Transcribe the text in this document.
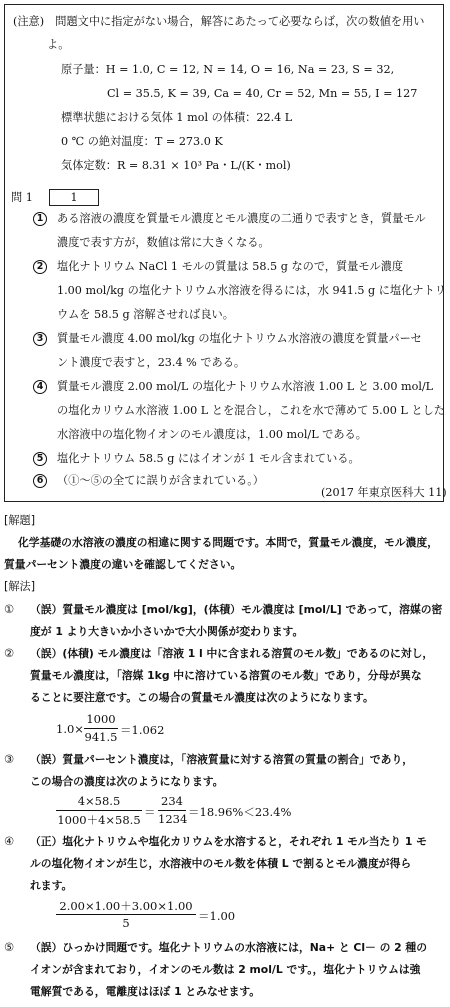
(注意)　問題文中に指定がない場合，解答にあたって必要ならば，次の数値を用い
よ。
原子量：H = 1.0, C = 12, N = 14, O = 16, Na = 23, S = 32,
Cl = 35.5, K = 39, Ca = 40, Cr = 52, Mn = 55, I = 127
標準状態における気体 1 mol の体積：22.4 L
0 ℃ の絶対温度：T = 273.0 K
気体定数：R = 8.31 × 10³ Pa・L/(K・mol)
問 1	1
1	ある溶液の濃度を質量モル濃度とモル濃度の二通りで表すとき，質量モル
濃度で表す方が，数値は常に大きくなる。
2	塩化ナトリウム NaCl 1 モルの質量は 58.5 g なので，質量モル濃度
1.00 mol/kg の塩化ナトリウム水溶液を得るには，水 941.5 g に塩化ナトリ
ウムを 58.5 g 溶解させれば良い。
3	質量モル濃度 4.00 mol/kg の塩化ナトリウム水溶液の濃度を質量パーセ
ント濃度で表すと，23.4 % である。
4	質量モル濃度 2.00 mol/L の塩化ナトリウム水溶液 1.00 L と 3.00 mol/L
の塩化カリウム水溶液 1.00 L とを混合し，これを水で薄めて 5.00 L とした
水溶液中の塩化物イオンのモル濃度は，1.00 mol/L である。
5	塩化ナトリウム 58.5 g にはイオンが 1 モル含まれている。
6	（①～⑤の全てに誤りが含まれている。）
(2017 年東京医科大 11)
[解題]
化学基礎の水溶液の濃度の相違に関する問題です。本問で，質量モル濃度，モル濃度，
質量パーセント濃度の違いを確認してください。
[解法]
① （誤）質量モル濃度は [mol/kg]，(体積）モル濃度は [mol/L] であって，溶媒の密
度が 1 より大きいか小さいかで大小関係が変わります。
② （誤）(体積) モル濃度は「溶液 1 l 中に含まれる溶質のモル数」であるのに対し，
質量モル濃度は，「溶媒 1kg 中に溶けている溶質のモル数」であり，分母が異な
ることに要注意です。この場合の質量モル濃度は次のようになります。
1.0×
1000
941.5 ＝1.062
③ （誤）質量パーセント濃度は，「溶液質量に対する溶質の質量の割合」であり，
この場合の濃度は次のようになります。
4×58.5
1000＋4×58.5
＝
234
1234 ＝18.96%＜23.4%
④ （正）塩化ナトリウムや塩化カリウムを水溶すると，それぞれ 1 モル当たり 1 モ
ルの塩化物イオンが生じ，水溶液中のモル数を体積 L で割るとモル濃度が得ら
れます。
2.00×1.00＋3.00×1.00
5	＝1.00
⑤ （誤）ひっかけ問題です。塩化ナトリウムの水溶液には，Na+ と Cl－ の 2 種の
イオンが含まれており，イオンのモル数は 2 mol/L です。，塩化ナトリウムは強
電解質である，電離度はほぼ 1 とみなせます。
